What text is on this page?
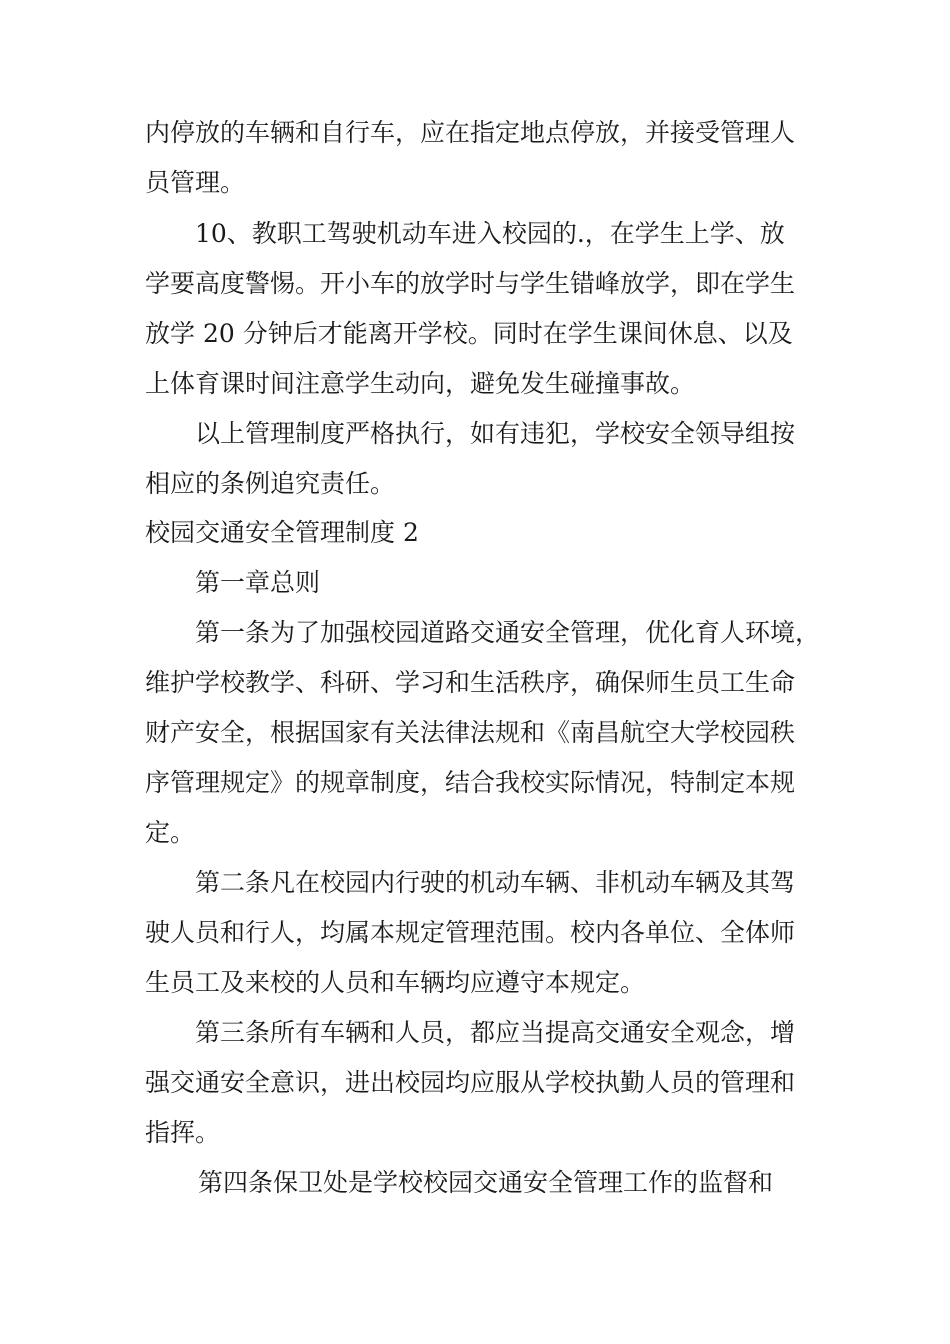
内停放的车辆和自行车，应在指定地点停放，并接受管理人
员管理。
10、教职工驾驶机动车进入校园的.，在学生上学、放
学要高度警惕。开小车的放学时与学生错峰放学，即在学生
放学 20 分钟后才能离开学校。同时在学生课间休息、以及
上体育课时间注意学生动向，避免发生碰撞事故。
以上管理制度严格执行，如有违犯，学校安全领导组按
相应的条例追究责任。
校园交通安全管理制度 2
第一章总则
第一条为了加强校园道路交通安全管理，优化育人环境，
维护学校教学、科研、学习和生活秩序，确保师生员工生命
财产安全，根据国家有关法律法规和《南昌航空大学校园秩
序管理规定》的规章制度，结合我校实际情况，特制定本规
定。
第二条凡在校园内行驶的机动车辆、非机动车辆及其驾
驶人员和行人，均属本规定管理范围。校内各单位、全体师
生员工及来校的人员和车辆均应遵守本规定。
第三条所有车辆和人员，都应当提高交通安全观念，增
强交通安全意识，进出校园均应服从学校执勤人员的管理和
指挥。
第四条保卫处是学校校园交通安全管理工作的监督和
